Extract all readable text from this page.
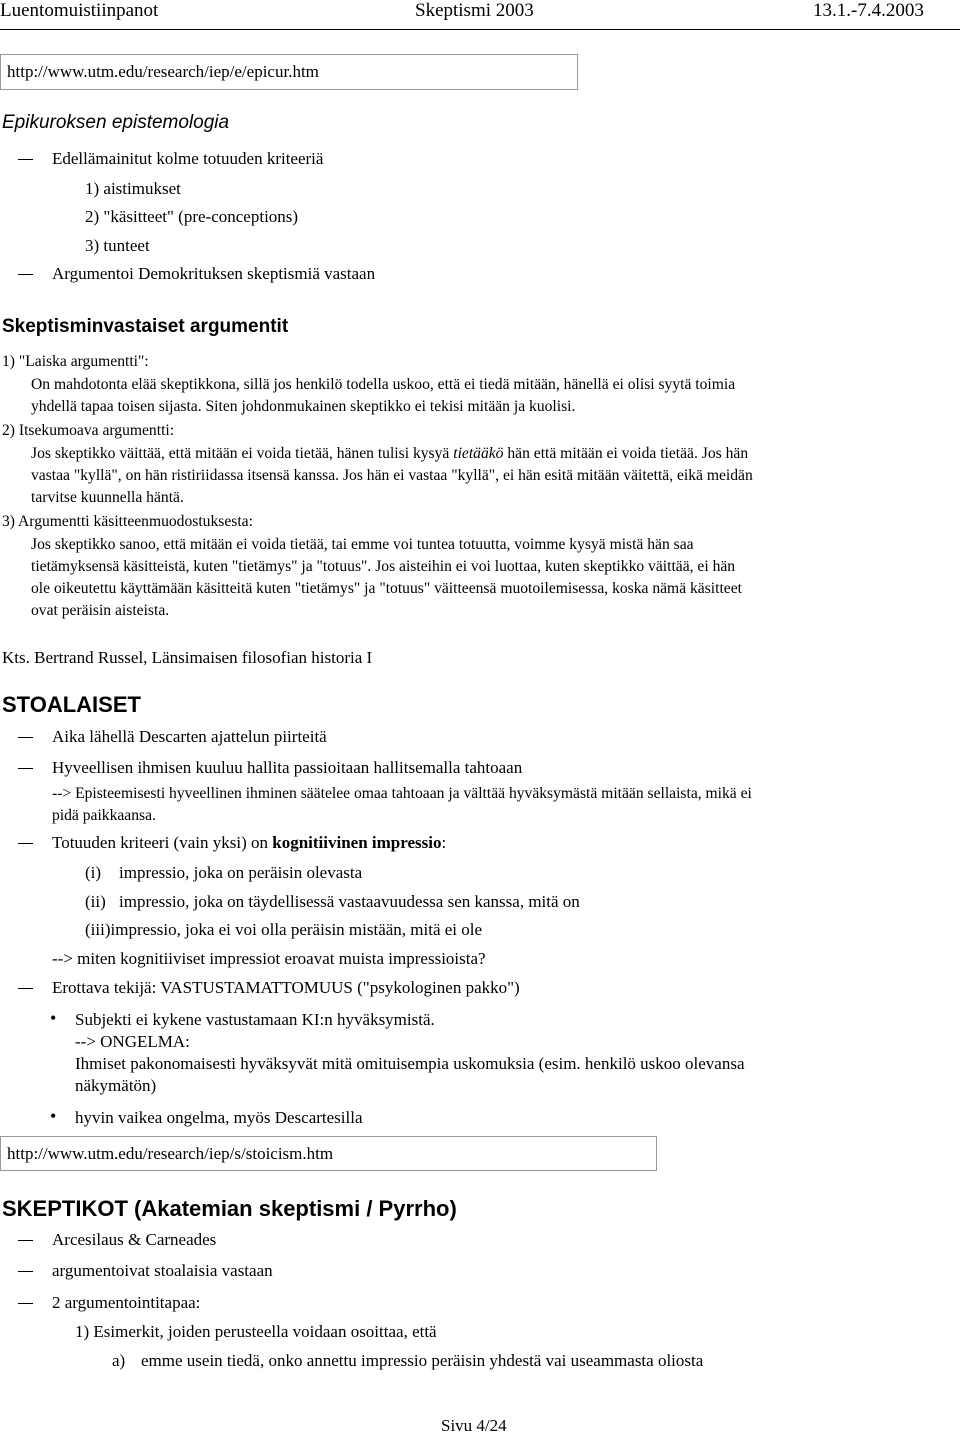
Luentomuistiinpanot	Skeptismi 2003	13.1.-7.4.2003
http://www.utm.edu/research/iep/e/epicur.htm
Epikuroksen epistemologia
Edellämainitut kolme totuuden kriteeriä
1) aistimukset
2) "käsitteet" (pre-conceptions)
3) tunteet
Argumentoi Demokrituksen skeptismiä vastaan
Skeptisminvastaiset argumentit
1) "Laiska argumentti":
On mahdotonta elää skeptikkona, sillä jos henkilö todella uskoo, että ei tiedä mitään, hänellä ei olisi syytä toimia
yhdellä tapaa toisen sijasta. Siten johdonmukainen skeptikko ei tekisi mitään ja kuolisi.
2) Itsekumoava argumentti:
Jos skeptikko väittää, että mitään ei voida tietää, hänen tulisi kysyä tietääkö hän että mitään ei voida tietää. Jos hän
vastaa "kyllä", on hän ristiriidassa itsensä kanssa. Jos hän ei vastaa "kyllä", ei hän esitä mitään väitettä, eikä meidän
tarvitse kuunnella häntä.
3) Argumentti käsitteenmuodostuksesta:
Jos skeptikko sanoo, että mitään ei voida tietää, tai emme voi tuntea totuutta, voimme kysyä mistä hän saa
tietämyksensä käsitteistä, kuten "tietämys" ja "totuus". Jos aisteihin ei voi luottaa, kuten skeptikko väittää, ei hän
ole oikeutettu käyttämään käsitteitä kuten "tietämys" ja "totuus" väitteensä muotoilemisessa, koska nämä käsitteet
ovat peräisin aisteista.
Kts. Bertrand Russel, Länsimaisen filosofian historia I
STOALAISET
Aika lähellä Descarten ajattelun piirteitä
Hyveellisen ihmisen kuuluu hallita passioitaan hallitsemalla tahtoaan
--> Episteemisesti hyveellinen ihminen säätelee omaa tahtoaan ja välttää hyväksymästä mitään sellaista, mikä ei
pidä paikkaansa.
Totuuden kriteeri (vain yksi) on kognitiivinen impressio:
(i) impressio, joka on peräisin olevasta
(ii) impressio, joka on täydellisessä vastaavuudessa sen kanssa, mitä on
(iii)impressio, joka ei voi olla peräisin mistään, mitä ei ole
--> miten kognitiiviset impressiot eroavat muista impressioista?
Erottava tekijä: VASTUSTAMATTOMUUS ("psykologinen pakko")
• Subjekti ei kykene vastustamaan KI:n hyväksymistä.
--> ONGELMA:
Ihmiset pakonomaisesti hyväksyvät mitä omituisempia uskomuksia (esim. henkilö uskoo olevansa
näkymätön)
• hyvin vaikea ongelma, myös Descartesilla
http://www.utm.edu/research/iep/s/stoicism.htm
SKEPTIKOT (Akatemian skeptismi / Pyrrho)
Arcesilaus & Carneades
argumentoivat stoalaisia vastaan
2 argumentointitapaa:
1) Esimerkit, joiden perusteella voidaan osoittaa, että
a) emme usein tiedä, onko annettu impressio peräisin yhdestä vai useammasta oliosta
Sivu 4/24
